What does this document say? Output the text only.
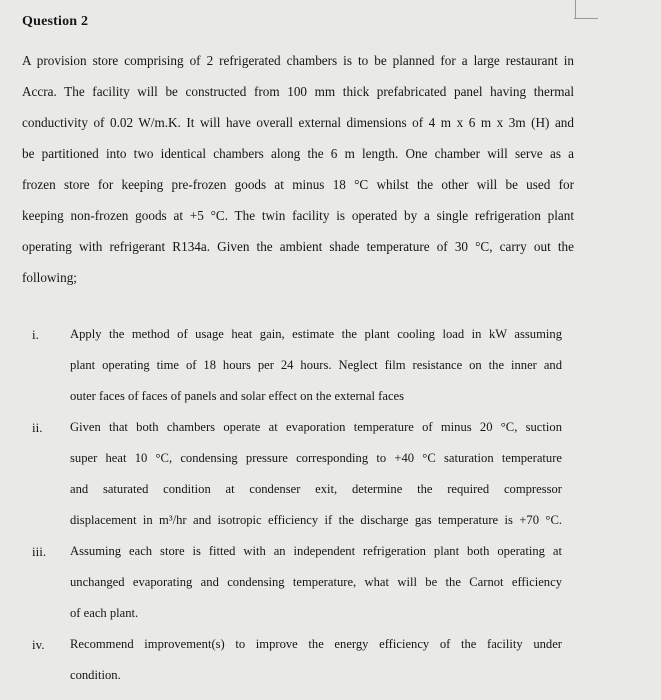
Question 2
A provision store comprising of 2 refrigerated chambers is to be planned for a large restaurant in
Accra. The facility will be constructed from 100 mm thick prefabricated panel having thermal
conductivity of 0.02 W/m.K. It will have overall external dimensions of 4 m x 6 m x 3m (H) and
be partitioned into two identical chambers along the 6 m length. One chamber will serve as a
frozen store for keeping pre-frozen goods at minus 18 °C whilst the other will be used for
keeping non-frozen goods at +5 °C. The twin facility is operated by a single refrigeration plant
operating with refrigerant R134a. Given the ambient shade temperature of 30 °C, carry out the
following;
i.	Apply the method of usage heat gain, estimate the plant cooling load in kW assuming
plant operating time of 18 hours per 24 hours. Neglect film resistance on the inner and
outer faces of faces of panels and solar effect on the external faces
ii.	Given that both chambers operate at evaporation temperature of minus 20 °C, suction
super heat 10 °C, condensing pressure corresponding to +40 °C saturation temperature
and saturated condition at condenser exit, determine the required compressor
displacement in m³/hr and isotropic efficiency if the discharge gas temperature is +70 °C.
iii.	Assuming each store is fitted with an independent refrigeration plant both operating at
unchanged evaporating and condensing temperature, what will be the Carnot efficiency
of each plant.
iv.	Recommend improvement(s) to improve the energy efficiency of the facility under
condition.
